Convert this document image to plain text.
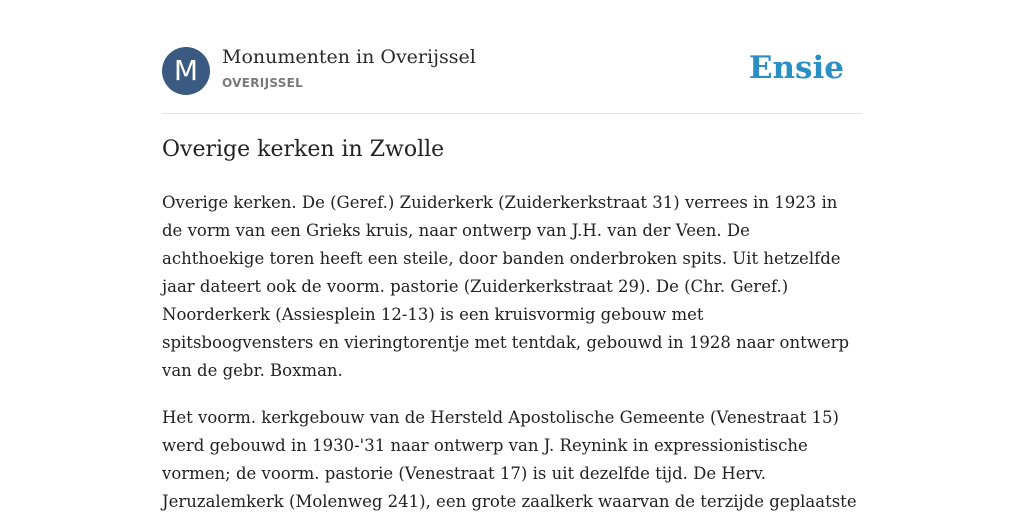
M	Monumenten in Overijssel
OVERIJSSEL	Ensie
Overige kerken in Zwolle

Overige kerken. De (Geref.) Zuiderkerk (Zuiderkerkstraat 31) verrees in 1923 in
de vorm van een Grieks kruis, naar ontwerp van J.H. van der Veen. De
achthoekige toren heeft een steile, door banden onderbroken spits. Uit hetzelfde
jaar dateert ook de voorm. pastorie (Zuiderkerkstraat 29). De (Chr. Geref.)
Noorderkerk (Assiesplein 12-13) is een kruisvormig gebouw met
spitsboogvensters en vieringtorentje met tentdak, gebouwd in 1928 naar ontwerp
van de gebr. Boxman.

Het voorm. kerkgebouw van de Hersteld Apostolische Gemeente (Venestraat 15)
werd gebouwd in 1930-'31 naar ontwerp van J. Reynink in expressionistische
vormen; de voorm. pastorie (Venestraat 17) is uit dezelfde tijd. De Herv.
Jeruzalemkerk (Molenweg 241), een grote zaalkerk waarvan de terzijde geplaatste
